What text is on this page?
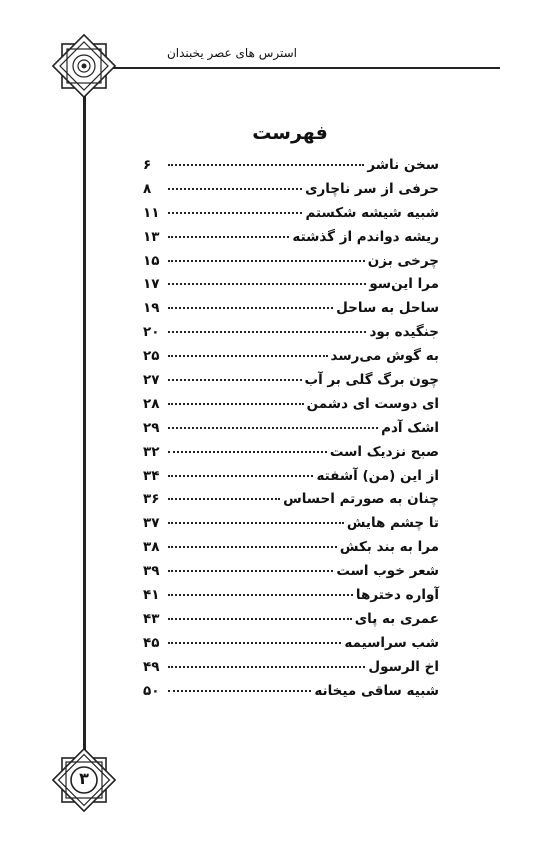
استرس های عصر یخبندان
۳
فهرست
سخن ناشر
۶
حرفی از سر ناچاری
۸
شبیه شیشه شکستم
۱۱
ریشه دواندم از گذشته
۱۳
چرخی بزن
۱۵
مرا این‌سو
۱۷
ساحل به ساحل
۱۹
جنگیده بود
۲۰
به گوش می‌رسد
۲۵
چون برگ گلی بر آب
۲۷
ای دوست ای دشمن
۲۸
اشک آدم
۲۹
صبح نزدیک است
۳۲
از این (من) آشفته
۳۴
چنان به صورتم احساس
۳۶
تا چشم هایش
۳۷
مرا به بند بکش
۳۸
شعر خوب است
۳۹
آواره دخترها
۴۱
عمری به پای
۴۳
شب سراسیمه
۴۵
اخ الرسول
۴۹
شبیه ساقی میخانه
۵۰
